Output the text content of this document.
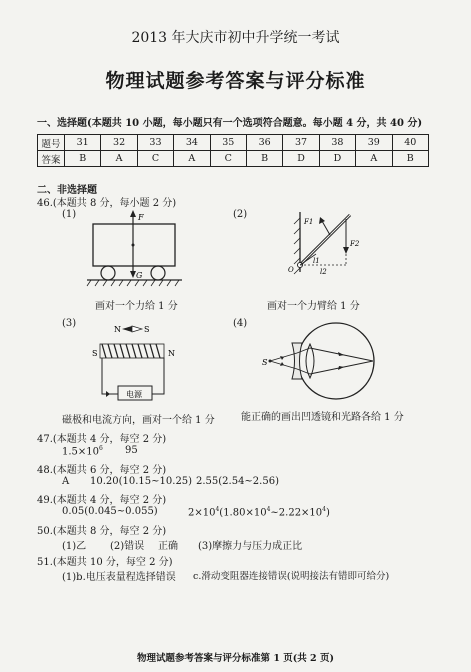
2013 年大庆市初中升学统一考试
物理试题参考答案与评分标准
一、选择题(本题共 10 小题，每小题只有一个选项符合题意。每小题 4 分，共 40 分)
题号	31	32	33	34	35	36	37	38	39	40
答案	B	A	C	A	C	B	D	D	A	B
二、非选择题
46.(本题共 8 分，每小题 2 分)
(1)	F
G
画对一个力给 1 分
(2)
F1
F2
l1
l2
O
画对一个力臂给 1 分
(3)
N	S
S	N
电源
磁极和电流方向，画对一个给 1 分
(4)
S
能正确的画出凹透镜和光路各给 1 分
47.(本题共 4 分，每空 2 分)
$1.5\times 10^6$ 95
48.(本题共 6 分，每空 2 分)
A 10.20(10.15~10.25) 2.55(2.54~2.56)
49.(本题共 4 分，每空 2 分)
0.05(0.045~0.055)	$2\times 10^4(1.80\times 10^4\sim 2.22\times 10^4)$
50.(本题共 8 分，每空 2 分)
(1)乙 (2)错误 正确 (3)摩擦力与压力成正比
51.(本题共 10 分，每空 2 分)
(1)b.电压表量程选择错误 c.滑动变阻器连接错误(说明接法有错即可给分)
物理试题参考答案与评分标准第 1 页(共 2 页)
